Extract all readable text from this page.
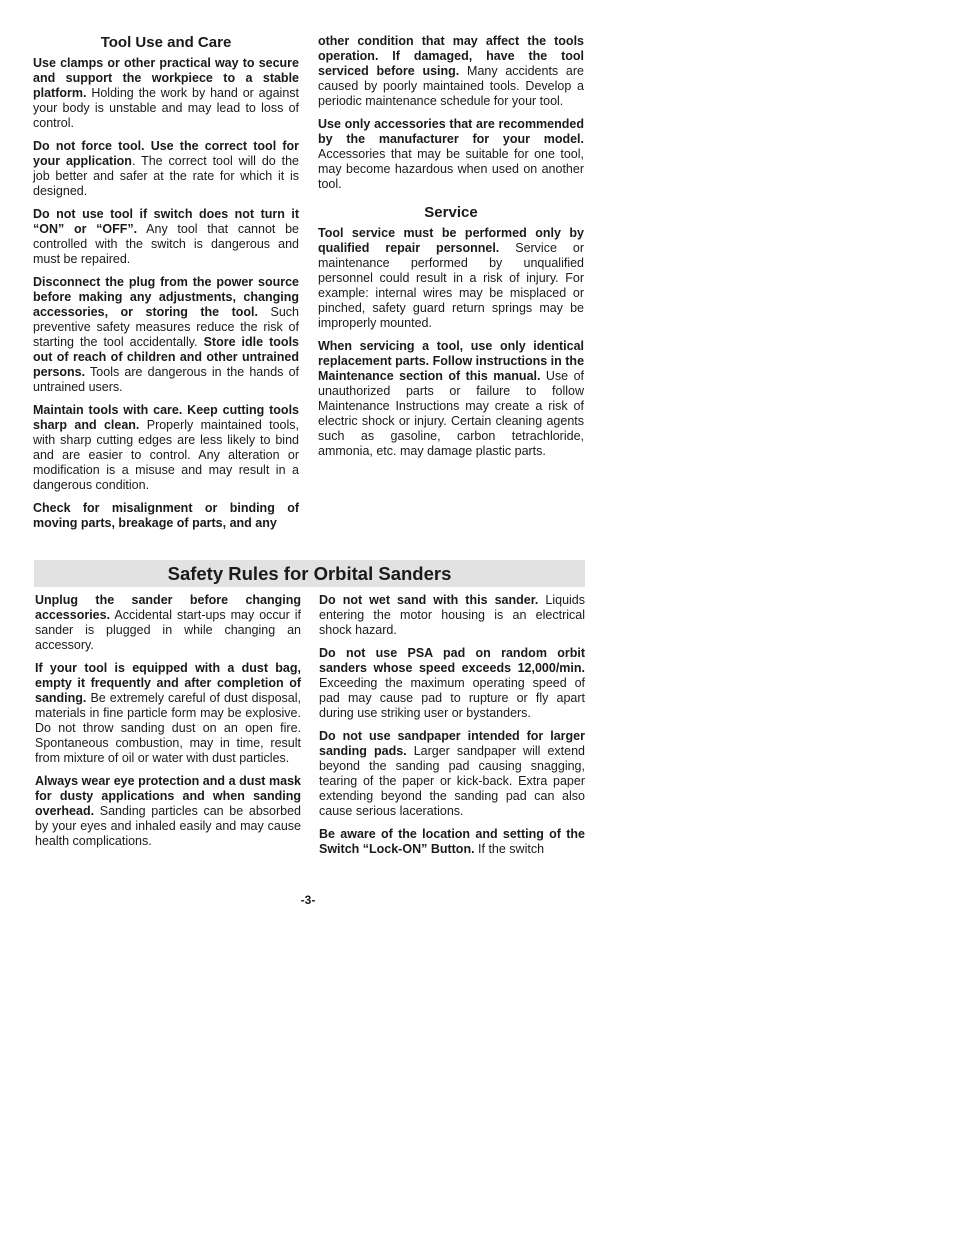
Tool Use and Care

Use clamps or other practical way to secure and support the workpiece to a stable platform. Holding the work by hand or against your body is unstable and may lead to loss of control.

Do not force tool. Use the correct tool for your application. The correct tool will do the job better and safer at the rate for which it is designed.

Do not use tool if switch does not turn it “ON” or “OFF”. Any tool that cannot be controlled with the switch is dangerous and must be repaired.

Disconnect the plug from the power source before making any adjustments, changing accessories, or storing the tool. Such preventive safety measures reduce the risk of starting the tool accidentally. Store idle tools out of reach of children and other untrained persons. Tools are dangerous in the hands of untrained users.

Maintain tools with care. Keep cutting tools sharp and clean. Properly maintained tools, with sharp cutting edges are less likely to bind and are easier to control. Any alteration or modification is a misuse and may result in a dangerous condition.

Check for misalignment or binding of moving parts, breakage of parts, and any

other condition that may affect the tools operation. If damaged, have the tool serviced before using. Many accidents are caused by poorly maintained tools. Develop a periodic maintenance schedule for your tool.

Use only accessories that are recommended by the manufacturer for your model. Accessories that may be suitable for one tool, may become hazardous when used on another tool.

Service

Tool service must be performed only by qualified repair personnel. Service or maintenance performed by unqualified personnel could result in a risk of injury. For example: internal wires may be misplaced or pinched, safety guard return springs may be improperly mounted.

When servicing a tool, use only identical replacement parts. Follow instructions in the Maintenance section of this manual. Use of unauthorized parts or failure to follow Maintenance Instructions may create a risk of electric shock or injury. Certain cleaning agents such as gasoline, carbon tetrachloride, ammonia, etc. may damage plastic parts.

Safety Rules for Orbital Sanders

Unplug the sander before changing accessories. Accidental start-ups may occur if sander is plugged in while changing an accessory.

If your tool is equipped with a dust bag, empty it frequently and after completion of sanding. Be extremely careful of dust disposal, materials in fine particle form may be explosive. Do not throw sanding dust on an open fire. Spontaneous combustion, may in time, result from mixture of oil or water with dust particles.

Always wear eye protection and a dust mask for dusty applications and when sanding overhead. Sanding particles can be absorbed by your eyes and inhaled easily and may cause health complications.

Do not wet sand with this sander. Liquids entering the motor housing is an electrical shock hazard.

Do not use PSA pad on random orbit sanders whose speed exceeds 12,000/min. Exceeding the maximum operating speed of pad may cause pad to rupture or fly apart during use striking user or bystanders.

Do not use sandpaper intended for larger sanding pads. Larger sandpaper will extend beyond the sanding pad causing snagging, tearing of the paper or kick-back. Extra paper extending beyond the sanding pad can also cause serious lacerations.

Be aware of the location and setting of the Switch “Lock-ON” Button. If the switch

-3-
